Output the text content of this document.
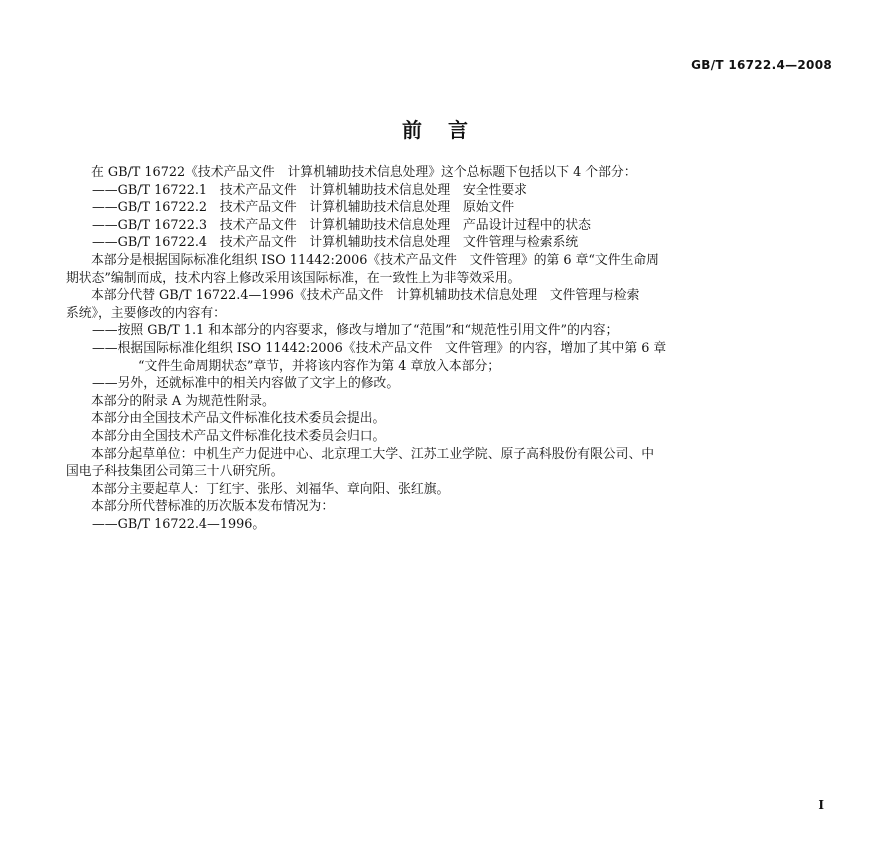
GB/T 16722.4—2008
前言

在 GB/T 16722《技术产品文件　计算机辅助技术信息处理》这个总标题下包括以下 4 个部分：

——GB/T 16722.1　技术产品文件　计算机辅助技术信息处理　安全性要求

——GB/T 16722.2　技术产品文件　计算机辅助技术信息处理　原始文件

——GB/T 16722.3　技术产品文件　计算机辅助技术信息处理　产品设计过程中的状态

——GB/T 16722.4　技术产品文件　计算机辅助技术信息处理　文件管理与检索系统

本部分是根据国际标准化组织 ISO 11442:2006《技术产品文件　文件管理》的第 6 章“文件生命周

期状态”编制而成，技术内容上修改采用该国际标准，在一致性上为非等效采用。

本部分代替 GB/T 16722.4—1996《技术产品文件　计算机辅助技术信息处理　文件管理与检索

系统》，主要修改的内容有：

——按照 GB/T 1.1 和本部分的内容要求，修改与增加了“范围”和“规范性引用文件”的内容；

——根据国际标准化组织 ISO 11442:2006《技术产品文件　文件管理》的内容，增加了其中第 6 章

“文件生命周期状态”章节，并将该内容作为第 4 章放入本部分；

——另外，还就标准中的相关内容做了文字上的修改。

本部分的附录 A 为规范性附录。

本部分由全国技术产品文件标准化技术委员会提出。

本部分由全国技术产品文件标准化技术委员会归口。

本部分起草单位：中机生产力促进中心、北京理工大学、江苏工业学院、原子高科股份有限公司、中

国电子科技集团公司第三十八研究所。

本部分主要起草人：丁红宇、张彤、刘福华、章向阳、张红旗。

本部分所代替标准的历次版本发布情况为：

——GB/T 16722.4—1996。

I
